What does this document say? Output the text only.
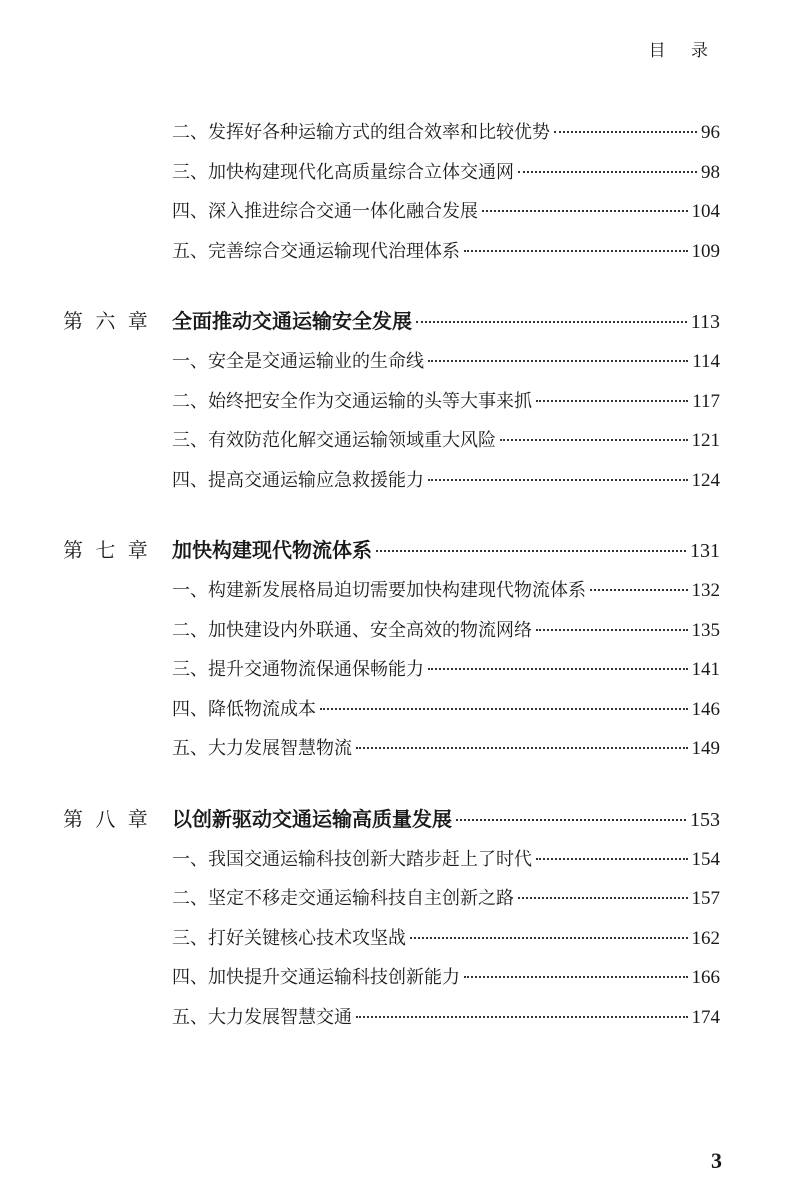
目 录
二、发挥好各种运输方式的组合效率和比较优势	96
三、加快构建现代化高质量综合立体交通网	98
四、深入推进综合交通一体化融合发展	104
五、完善综合交通运输现代治理体系	109
第 六 章	全面推动交通运输安全发展	113
一、安全是交通运输业的生命线	114
二、始终把安全作为交通运输的头等大事来抓	117
三、有效防范化解交通运输领域重大风险	121
四、提高交通运输应急救援能力	124
第 七 章	加快构建现代物流体系	131
一、构建新发展格局迫切需要加快构建现代物流体系	132
二、加快建设内外联通、安全高效的物流网络	135
三、提升交通物流保通保畅能力	141
四、降低物流成本	146
五、大力发展智慧物流	149
第 八 章	以创新驱动交通运输高质量发展	153
一、我国交通运输科技创新大踏步赶上了时代	154
二、坚定不移走交通运输科技自主创新之路	157
三、打好关键核心技术攻坚战	162
四、加快提升交通运输科技创新能力	166
五、大力发展智慧交通	174
3
